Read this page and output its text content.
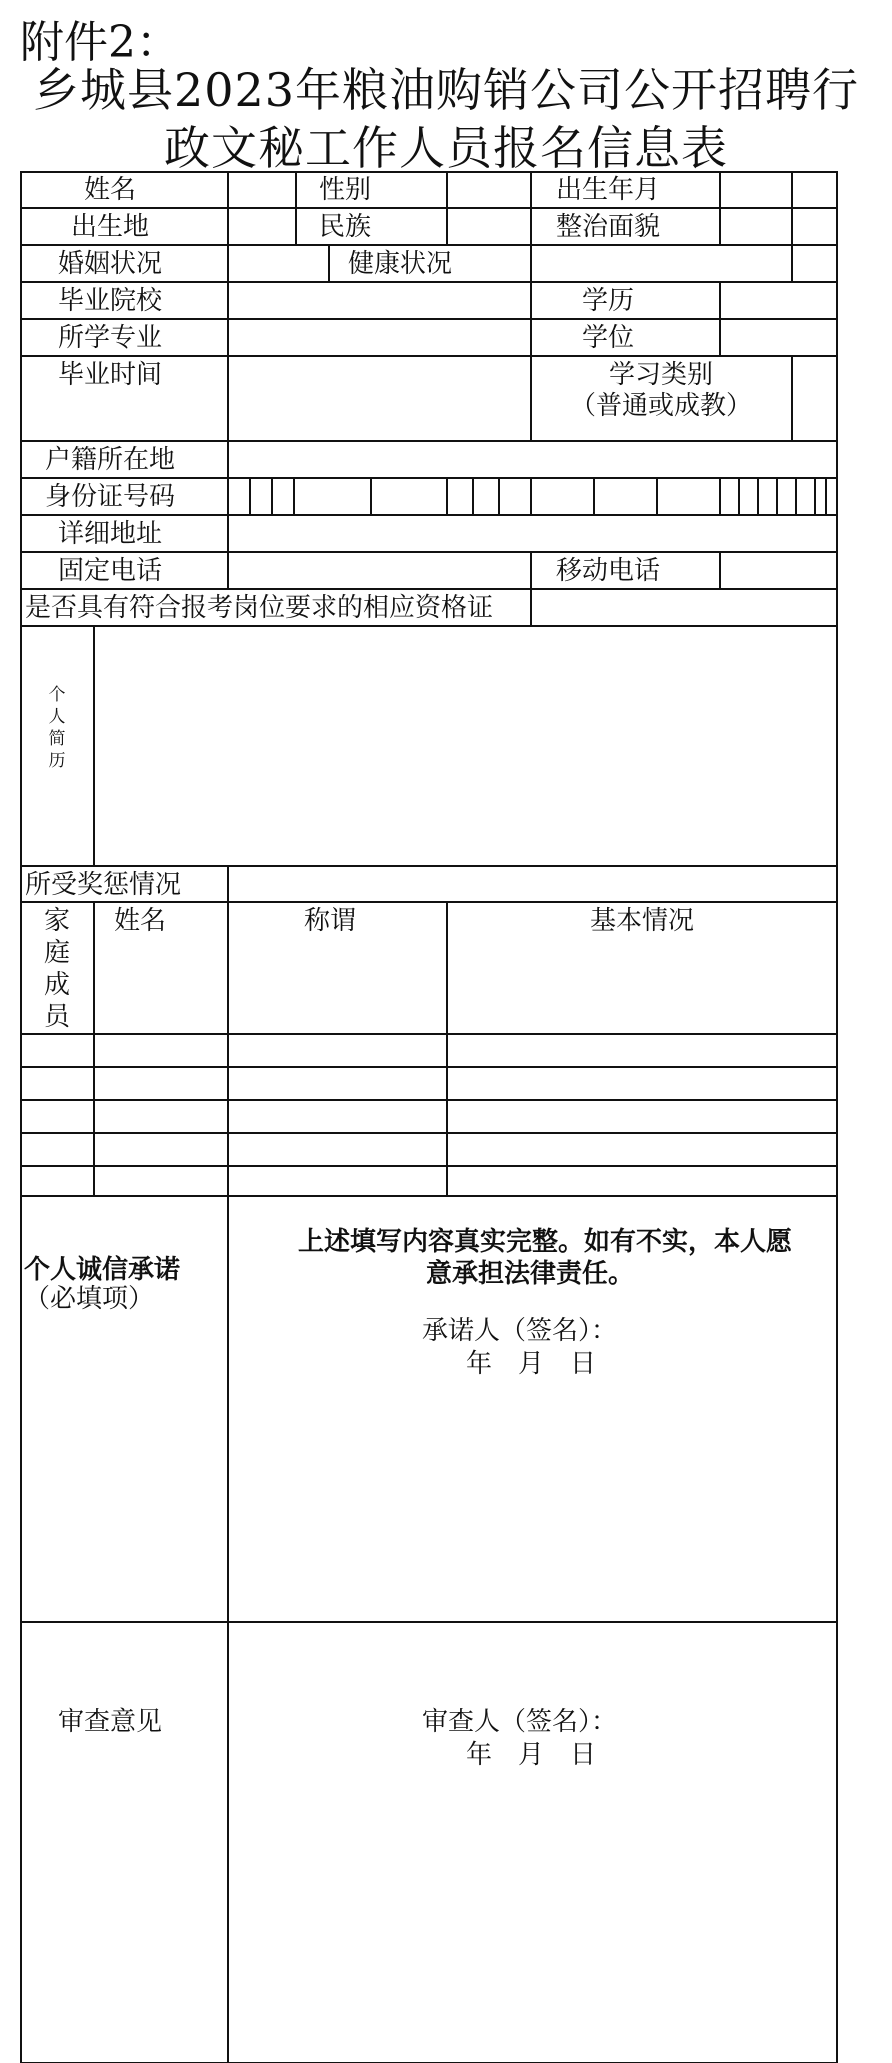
附件2：
乡城县2023年粮油购销公司公开招聘行
政文秘工作人员报名信息表
姓名	性别	出生年月
出生地	民族	整治面貌
婚姻状况	健康状况
毕业院校	学历
所学专业	学位
毕业时间	学习类别
（普通或成教）
户籍所在地
身份证号码
详细地址
固定电话	移动电话
是否具有符合报考岗位要求的相应资格证
个
人
简
历
所受奖惩情况
家
庭
成
员
姓名	称谓	基本情况
个人诚信承诺
（必填项）
上述填写内容真实完整。如有不实，本人愿
意承担法律责任。
承诺人（签名）：
年　月　日
审查意见	审查人（签名）：
年　月　日
